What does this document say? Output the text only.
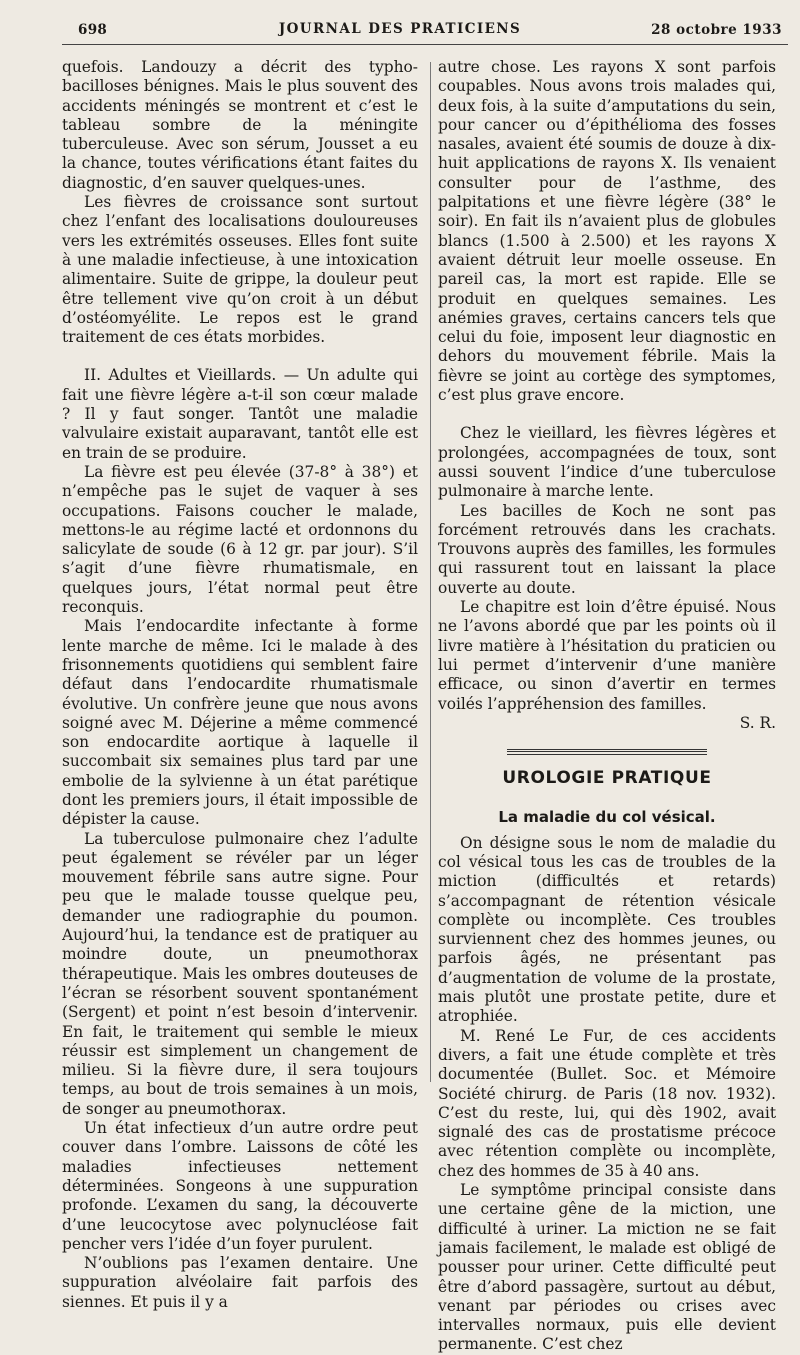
698	JOURNAL DES PRATICIENS	28 octobre 1933

quefois. Landouzy a décrit des typho-bacilloses bénignes. Mais le plus souvent des accidents méningés se montrent et c’est le tableau sombre de la méningite tuberculeuse. Avec son sérum, Jousset a eu la chance, toutes vérifications étant faites du diagnostic, d’en sauver quelques-unes.

Les fièvres de croissance sont surtout chez l’enfant des localisations douloureuses vers les extrémités osseuses. Elles font suite à une maladie infectieuse, à une intoxication alimentaire. Suite de grippe, la douleur peut être tellement vive qu’on croit à un début d’ostéomyélite. Le repos est le grand traitement de ces états morbides.

II. Adultes et Vieillards. — Un adulte qui fait une fièvre légère a-t-il son cœur malade ? Il y faut songer. Tantôt une maladie valvulaire existait auparavant, tantôt elle est en train de se produire.

La fièvre est peu élevée (37-8° à 38°) et n’empêche pas le sujet de vaquer à ses occupations. Faisons coucher le malade, mettons-le au régime lacté et ordonnons du salicylate de soude (6 à 12 gr. par jour). S’il s’agit d’une fièvre rhumatismale, en quelques jours, l’état normal peut être reconquis.

Mais l’endocardite infectante à forme lente marche de même. Ici le malade à des frisonnements quotidiens qui semblent faire défaut dans l’endocardite rhumatismale évolutive. Un confrère jeune que nous avons soigné avec M. Déjerine a même commencé son endocardite aortique à laquelle il succombait six semaines plus tard par une embolie de la sylvienne à un état parétique dont les premiers jours, il était impossible de dépister la cause.

La tuberculose pulmonaire chez l’adulte peut également se révéler par un léger mouvement fébrile sans autre signe. Pour peu que le malade tousse quelque peu, demander une radiographie du poumon. Aujourd’hui, la tendance est de pratiquer au moindre doute, un pneumothorax thérapeutique. Mais les ombres douteuses de l’écran se résorbent souvent spontanément (Sergent) et point n’est besoin d’intervenir. En fait, le traitement qui semble le mieux réussir est simplement un changement de milieu. Si la fièvre dure, il sera toujours temps, au bout de trois semaines à un mois, de songer au pneumothorax.

Un état infectieux d’un autre ordre peut couver dans l’ombre. Laissons de côté les maladies infectieuses nettement déterminées. Songeons à une suppuration profonde. L’examen du sang, la découverte d’une leucocytose avec polynucléose fait pencher vers l’idée d’un foyer purulent.

N’oublions pas l’examen dentaire. Une suppuration alvéolaire fait parfois des siennes. Et puis il y a

autre chose. Les rayons X sont parfois coupables. Nous avons trois malades qui, deux fois, à la suite d’amputations du sein, pour cancer ou d’épithélioma des fosses nasales, avaient été soumis de douze à dix-huit applications de rayons X. Ils venaient consulter pour de l’asthme, des palpitations et une fièvre légère (38° le soir). En fait ils n’avaient plus de globules blancs (1.500 à 2.500) et les rayons X avaient détruit leur moelle osseuse. En pareil cas, la mort est rapide. Elle se produit en quelques semaines. Les anémies graves, certains cancers tels que celui du foie, imposent leur diagnostic en dehors du mouvement fébrile. Mais la fièvre se joint au cortège des symptomes, c’est plus grave encore.

Chez le vieillard, les fièvres légères et prolongées, accompagnées de toux, sont aussi souvent l’indice d’une tuberculose pulmonaire à marche lente.

Les bacilles de Koch ne sont pas forcément retrouvés dans les crachats. Trouvons auprès des familles, les formules qui rassurent tout en laissant la place ouverte au doute.

Le chapitre est loin d’être épuisé. Nous ne l’avons abordé que par les points où il livre matière à l’hésitation du praticien ou lui permet d’intervenir d’une manière efficace, ou sinon d’avertir en termes voilés l’appréhension des familles.

S. R.

UROLOGIE PRATIQUE
La maladie du col vésical.

On désigne sous le nom de maladie du col vésical tous les cas de troubles de la miction (difficultés et retards) s’accompagnant de rétention vésicale complète ou incomplète. Ces troubles surviennent chez des hommes jeunes, ou parfois âgés, ne présentant pas d’augmentation de volume de la prostate, mais plutôt une prostate petite, dure et atrophiée.

M. René Le Fur, de ces accidents divers, a fait une étude complète et très documentée (Bullet. Soc. et Mémoire Société chirurg. de Paris (18 nov. 1932). C’est du reste, lui, qui dès 1902, avait signalé des cas de prostatisme précoce avec rétention complète ou incomplète, chez des hommes de 35 à 40 ans.

Le symptôme principal consiste dans une certaine gêne de la miction, une difficulté à uriner. La miction ne se fait jamais facilement, le malade est obligé de pousser pour uriner. Cette difficulté peut être d’abord passagère, surtout au début, venant par périodes ou crises avec intervalles normaux, puis elle devient permanente. C’est chez
